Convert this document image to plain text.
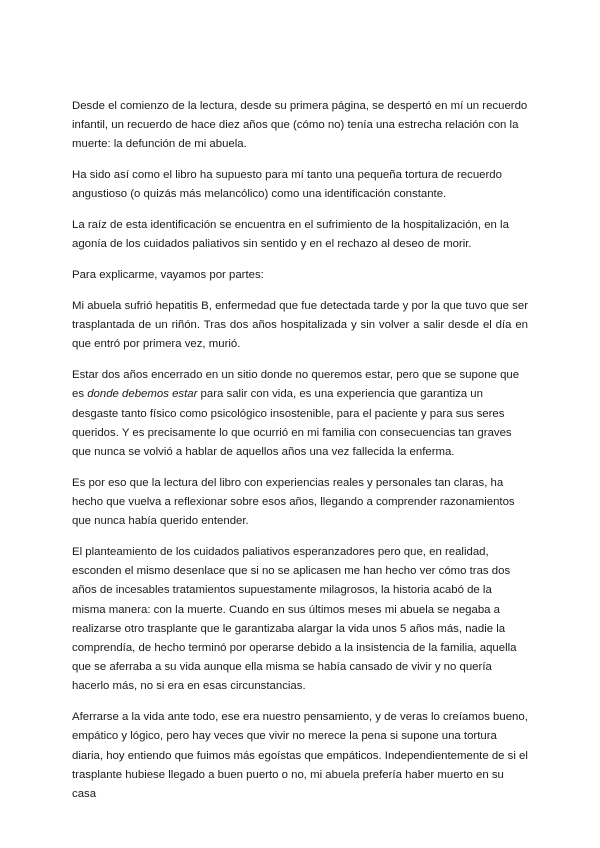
Desde el comienzo de la lectura, desde su primera página, se despertó en mí un recuerdo infantil, un recuerdo de hace diez años que (cómo no) tenía una estrecha relación con la muerte: la defunción de mi abuela.

Ha sido así como el libro ha supuesto para mí tanto una pequeña tortura de recuerdo angustioso (o quizás más melancólico) como una identificación constante.

La raíz de esta identificación se encuentra en el sufrimiento de la hospitalización, en la agonía de los cuidados paliativos sin sentido y en el rechazo al deseo de morir.

Para explicarme, vayamos por partes:

Mi abuela sufrió hepatitis B, enfermedad que fue detectada tarde y por la que tuvo que ser trasplantada de un riñón. Tras dos años hospitalizada y sin volver a salir desde el día en que entró por primera vez, murió.

Estar dos años encerrado en un sitio donde no queremos estar, pero que se supone que es donde debemos estar para salir con vida, es una experiencia que garantiza un desgaste tanto físico como psicológico insostenible, para el paciente y para sus seres queridos. Y es precisamente lo que ocurrió en mi familia con consecuencias tan graves que nunca se volvió a hablar de aquellos años una vez fallecida la enferma.

Es por eso que la lectura del libro con experiencias reales y personales tan claras, ha hecho que vuelva a reflexionar sobre esos años, llegando a comprender razonamientos que nunca había querido entender.

El planteamiento de los cuidados paliativos esperanzadores pero que, en realidad, esconden el mismo desenlace que si no se aplicasen me han hecho ver cómo tras dos años de incesables tratamientos supuestamente milagrosos, la historia acabó de la misma manera: con la muerte. Cuando en sus últimos meses mi abuela se negaba a realizarse otro trasplante que le garantizaba alargar la vida unos 5 años más, nadie la comprendía, de hecho terminó por operarse debido a la insistencia de la familia, aquella que se aferraba a su vida aunque ella misma se había cansado de vivir y no quería hacerlo más, no si era en esas circunstancias.

Aferrarse a la vida ante todo, ese era nuestro pensamiento, y de veras lo creíamos bueno, empático y lógico, pero hay veces que vivir no merece la pena si supone una tortura diaria, hoy entiendo que fuimos más egoístas que empáticos. Independientemente de si el trasplante hubiese llegado a buen puerto o no, mi abuela prefería haber muerto en su casa
